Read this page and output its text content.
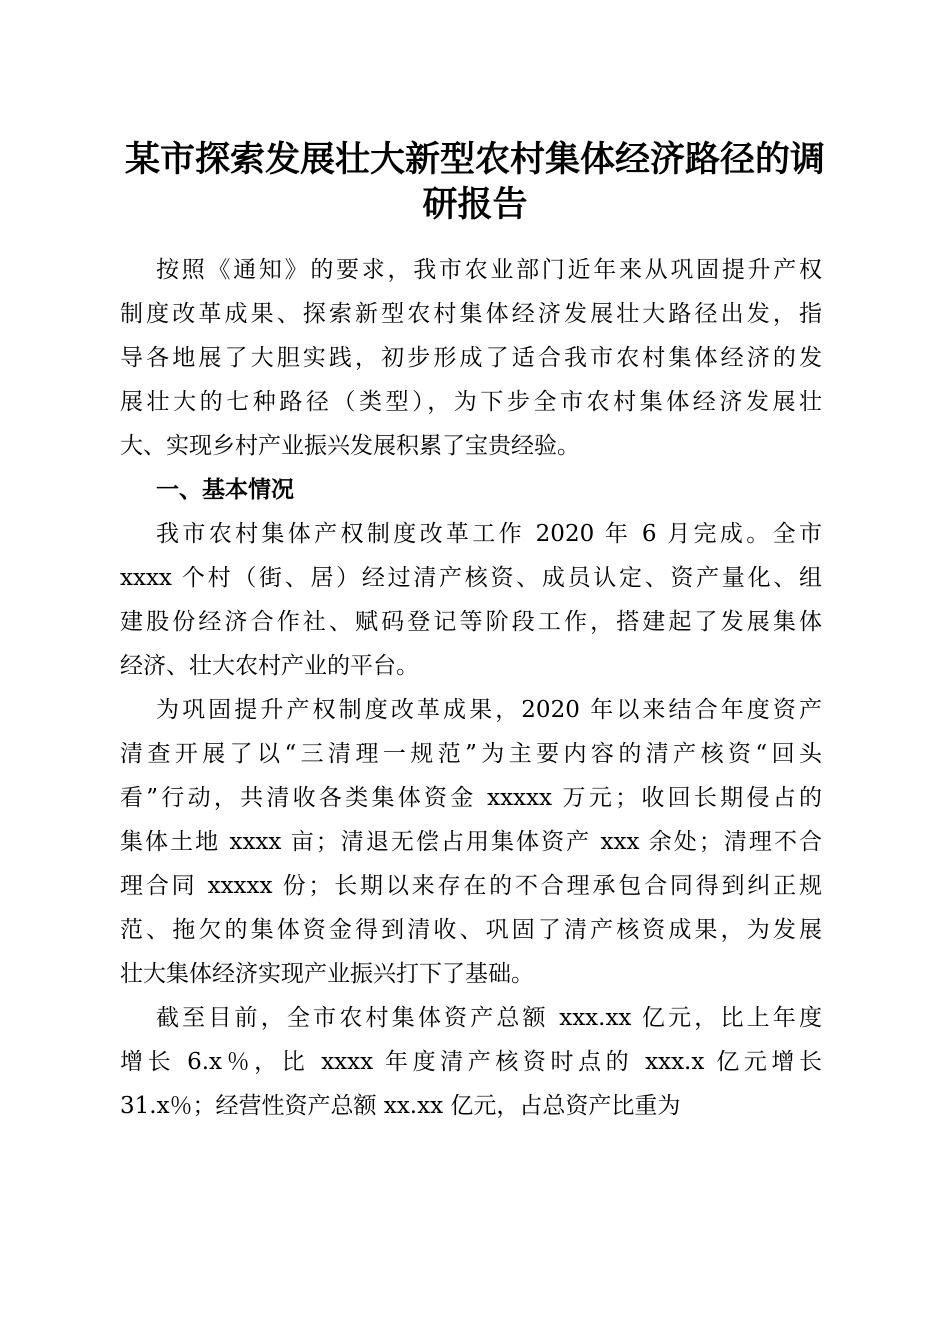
某市探索发展壮大新型农村集体经济路径的调
研报告
按照《通知》的要求，我市农业部门近年来从巩固提升产权
制度改革成果、探索新型农村集体经济发展壮大路径出发，指
导各地展了大胆实践，初步形成了适合我市农村集体经济的发
展壮大的七种路径（类型），为下步全市农村集体经济发展壮
大、实现乡村产业振兴发展积累了宝贵经验。
一、基本情况
我市农村集体产权制度改革工作 2020 年 6 月完成。全市
xxxx 个村（街、居）经过清产核资、成员认定、资产量化、组
建股份经济合作社、赋码登记等阶段工作，搭建起了发展集体
经济、壮大农村产业的平台。
为巩固提升产权制度改革成果，2020 年以来结合年度资产
清查开展了以“三清理一规范”为主要内容的清产核资“回头
看”行动，共清收各类集体资金 xxxxx 万元；收回长期侵占的
集体土地 xxxx 亩；清退无偿占用集体资产 xxx 余处；清理不合
理合同 xxxxx 份；长期以来存在的不合理承包合同得到纠正规
范、拖欠的集体资金得到清收、巩固了清产核资成果，为发展
壮大集体经济实现产业振兴打下了基础。
截至目前，全市农村集体资产总额 xxx.xx 亿元，比上年度
增长 6.x％，比 xxxx 年度清产核资时点的 xxx.x 亿元增长
31.x％；经营性资产总额 xx.xx 亿元，占总资产比重为
